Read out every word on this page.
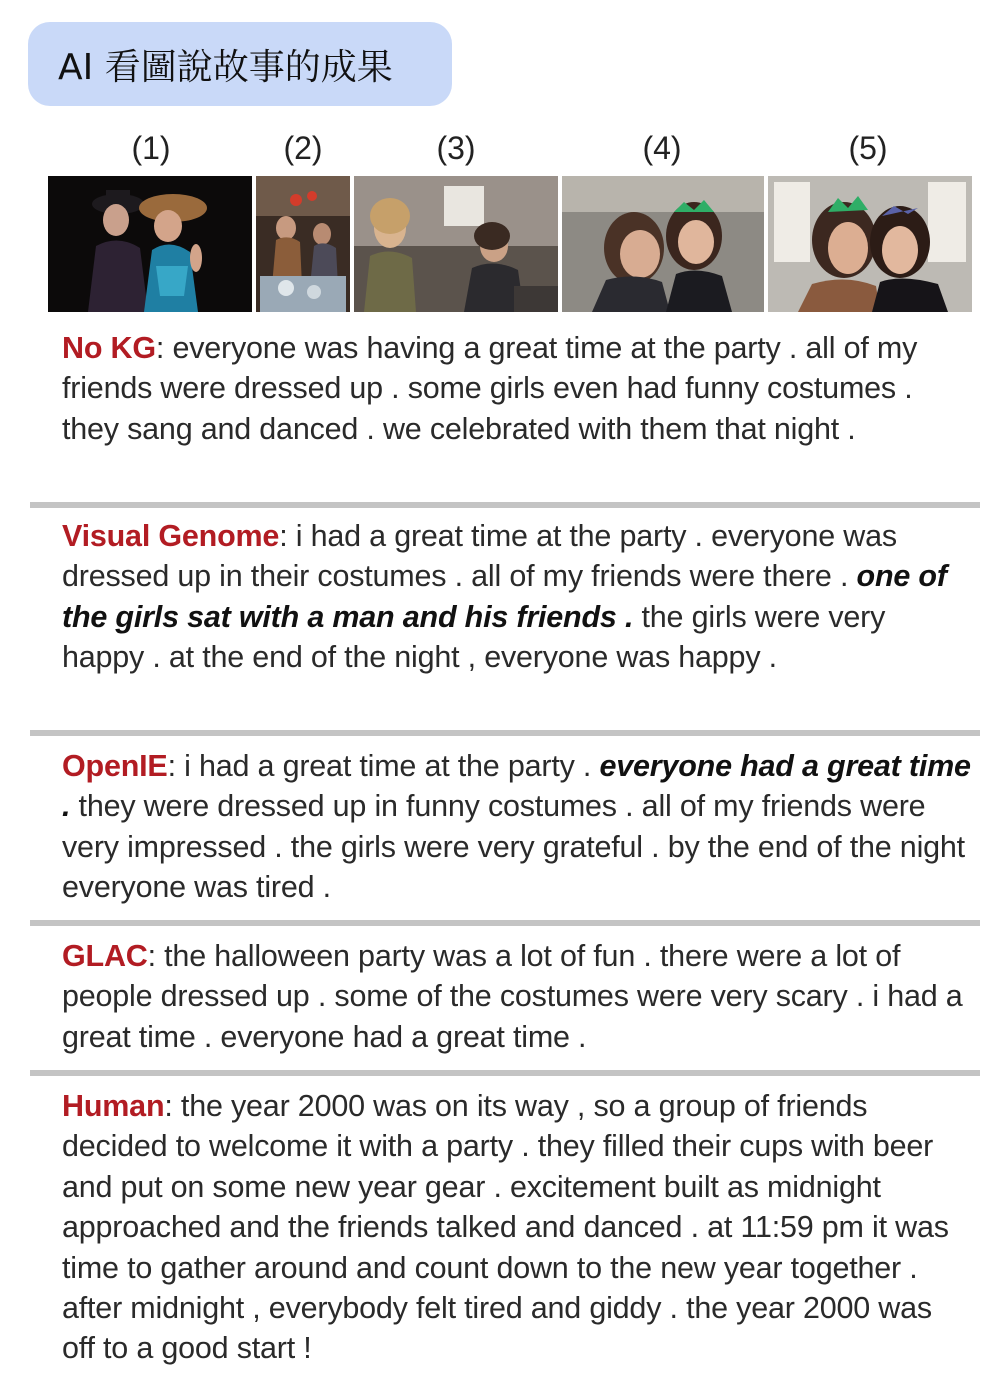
AI 看圖說故事的成果
(1)	(2)	(3)	(4)	(5)
No KG: everyone was having a great time at the party . all of my friends were dressed up . some girls even had funny costumes . they sang and danced . we celebrated with them that night .
Visual Genome: i had a great time at the party . everyone was dressed up in their costumes . all of my friends were there . one of the girls sat with a man and his friends . the girls were very happy . at the end of the night , everyone was happy .
OpenIE: i had a great time at the party . everyone had a great time . they were dressed up in funny costumes . all of my friends were very impressed . the girls were very grateful . by the end of the night everyone was tired .
GLAC: the halloween party was a lot of fun . there were a lot of people dressed up . some of the costumes were very scary . i had a great time . everyone had a great time .
Human: the year 2000 was on its way , so a group of friends decided to welcome it with a party . they filled their cups with beer and put on some new year gear . excitement built as midnight approached and the friends talked and danced . at 11:59 pm it was time to gather around and count down to the new year together . after midnight , everybody felt tired and giddy . the year 2000 was off to a good start !
